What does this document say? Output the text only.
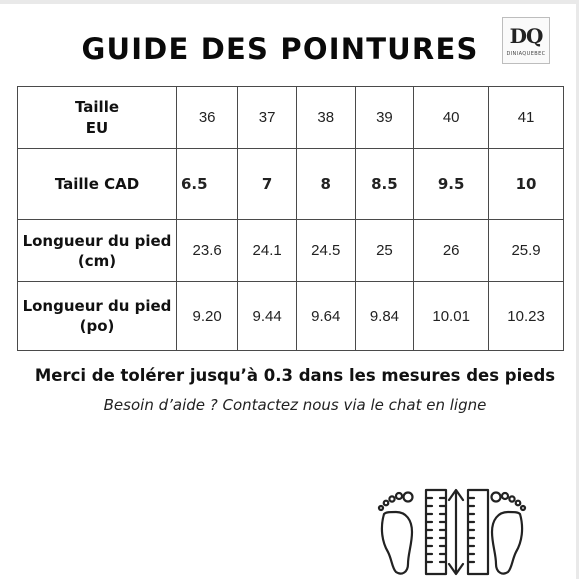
GUIDE DES POINTURES	DQ
DINIAQUEBEC
Taille
EU	36	37	38	39	40	41
Taille CAD	6.5	7	8	8.5	9.5	10
Longueur du pied
(cm)	23.6	24.1	24.5	25	26	25.9
Longueur du pied
(po)	9.20	9.44	9.64	9.84	10.01	10.23
Merci de tolérer jusqu’à 0.3 dans les mesures des pieds
Besoin d’aide ? Contactez nous via le chat en ligne
